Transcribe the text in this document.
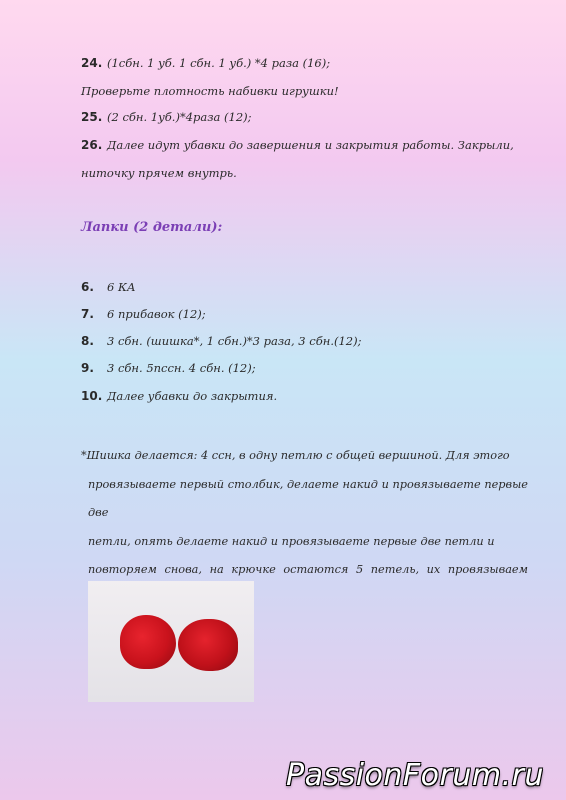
24. (1сбн. 1 уб. 1 сбн. 1 уб.) *4 раза (16);
Проверьте плотность набивки игрушки!
25. (2 сбн. 1уб.)*4раза (12);
26. Далее идут убавки до завершения и закрытия работы. Закрыли,
ниточку прячем внутрь.
Лапки (2 детали):
6. 6 КА
7. 6 прибавок (12);
8. 3 сбн. (шишка*, 1 сбн.)*3 раза, 3 сбн.(12);
9. 3 сбн. 5пссн. 4 сбн. (12);
10. Далее убавки до закрытия.

*Шишка делается: 4 ссн, в одну петлю с общей вершиной. Для этого

провязываете первый столбик, делаете накид и провязываете первые две

петли, опять делаете накид и провязываете первые две петли и

повторяем снова, на крючке остаются 5 петель, их провязываем

PassionForum.ru
